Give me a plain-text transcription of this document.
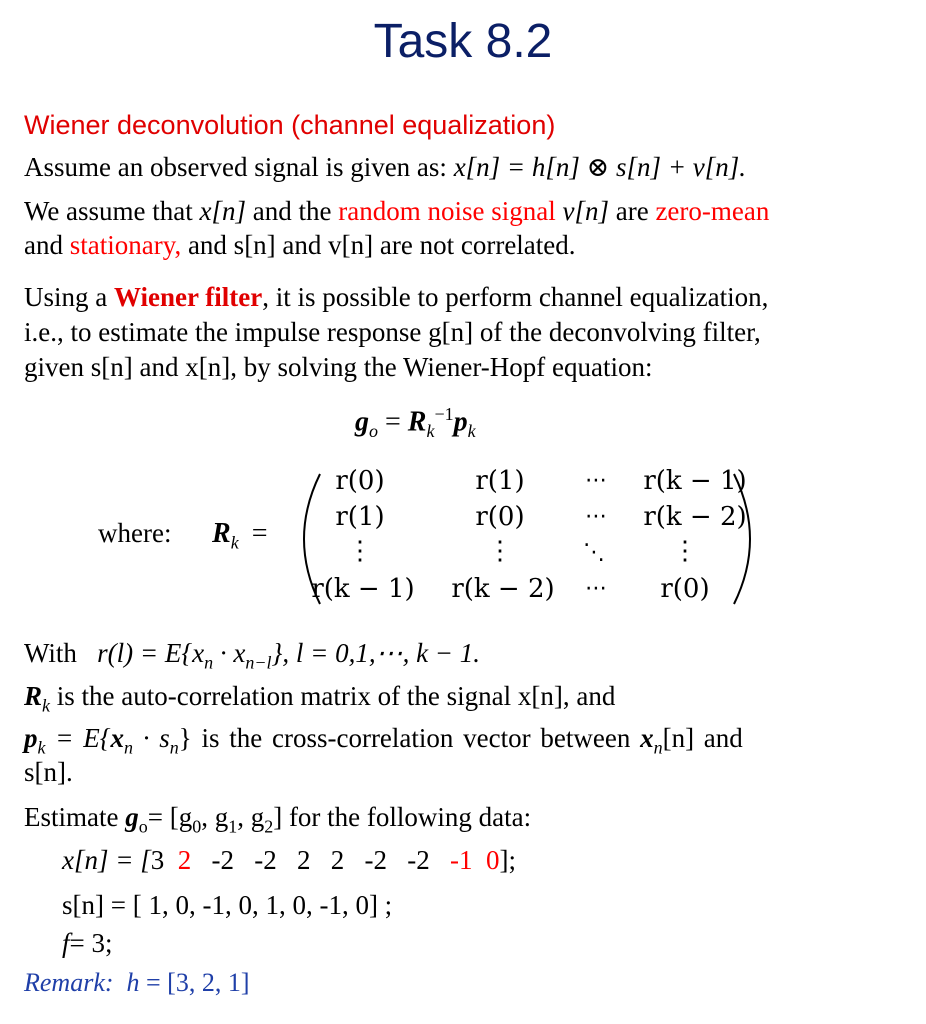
Task 8.2
Wiener deconvolution (channel equalization)
Assume an observed signal is given as: x[n] = h[n] ⊗ s[n] + v[n].
We assume that x[n] and the random noise signal v[n] are zero-mean
and stationary, and s[n] and v[n] are not correlated.
Using a Wiener filter, it is possible to perform channel equalization,
i.e., to estimate the impulse response g[n] of the deconvolving filter,
given s[n] and x[n], by solving the Wiener-Hopf equation:
$g_o = R_k^{-1}p_k$
where: $R_k$ =
r(0)	r(1)	⋯	r(k − 1)
r(1)	r(0)	⋯	r(k − 2)
⋮	⋮	⋱	⋮
r(k − 1)	r(k − 2)	⋯	r(0)
With $r(l) = E\{x_n \cdot x_{n-l}\}$, l = 0,1,⋯, k − 1.
$R_k$ is the auto-correlation matrix of the signal x[n], and
$p_k = E\{x_n \cdot s_n\}$ is the cross-correlation vector between $x_n[n]$ and
s[n].
Estimate $g_o= [g_0$, $g_1$, $g_2$] for the following data:
x[n] = [3 2 -2   -2   2   2   -2   -2 -1 0];
s[n] = [ 1, 0, -1, 0, 1, 0, -1, 0] ;
f= 3;
Remark: h = [3, 2, 1]
